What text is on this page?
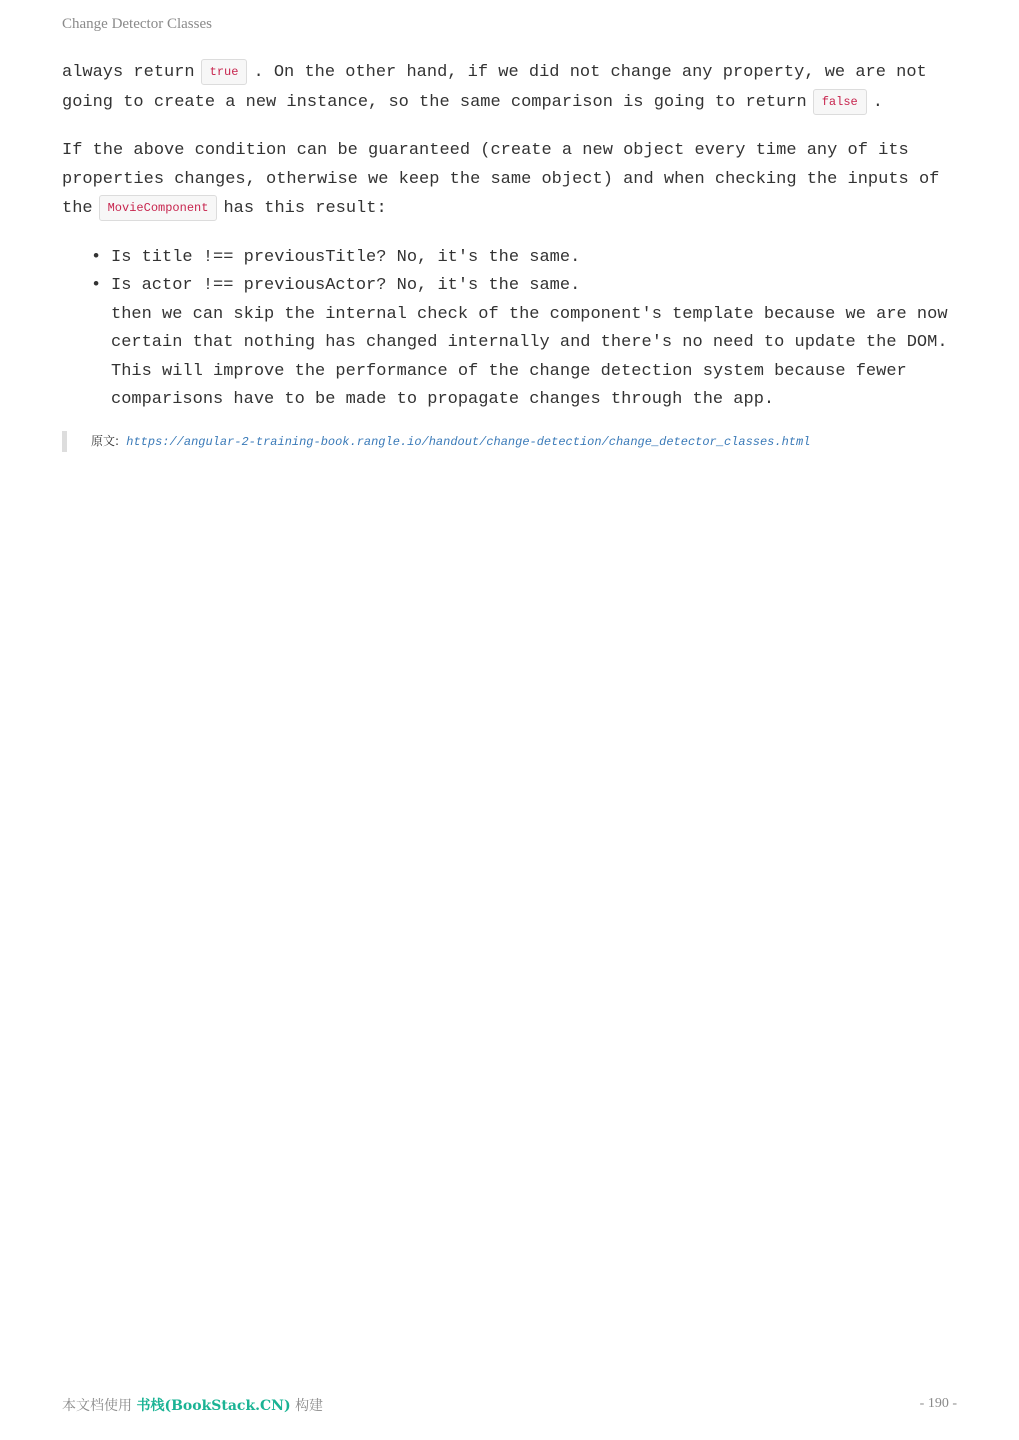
Change Detector Classes

always return true . On the other hand, if we did not change any property, we are not going to create a new instance, so the same comparison is going to return false .

If the above condition can be guaranteed (create a new object every time any of its properties changes, otherwise we keep the same object) and when checking the inputs of the MovieComponent has this result:

• Is title !== previousTitle? No, it's the same.
• Is actor !== previousActor? No, it's the same.

then we can skip the internal check of the component's template because we are now certain that nothing has changed internally and there's no need to update the DOM. This will improve the performance of the change detection system because fewer comparisons have to be made to propagate changes through the app.

原文: https://angular-2-training-book.rangle.io/handout/change-detection/change_detector_classes.html
本文档使用 书栈(BookStack.CN) 构建	- 190 -
